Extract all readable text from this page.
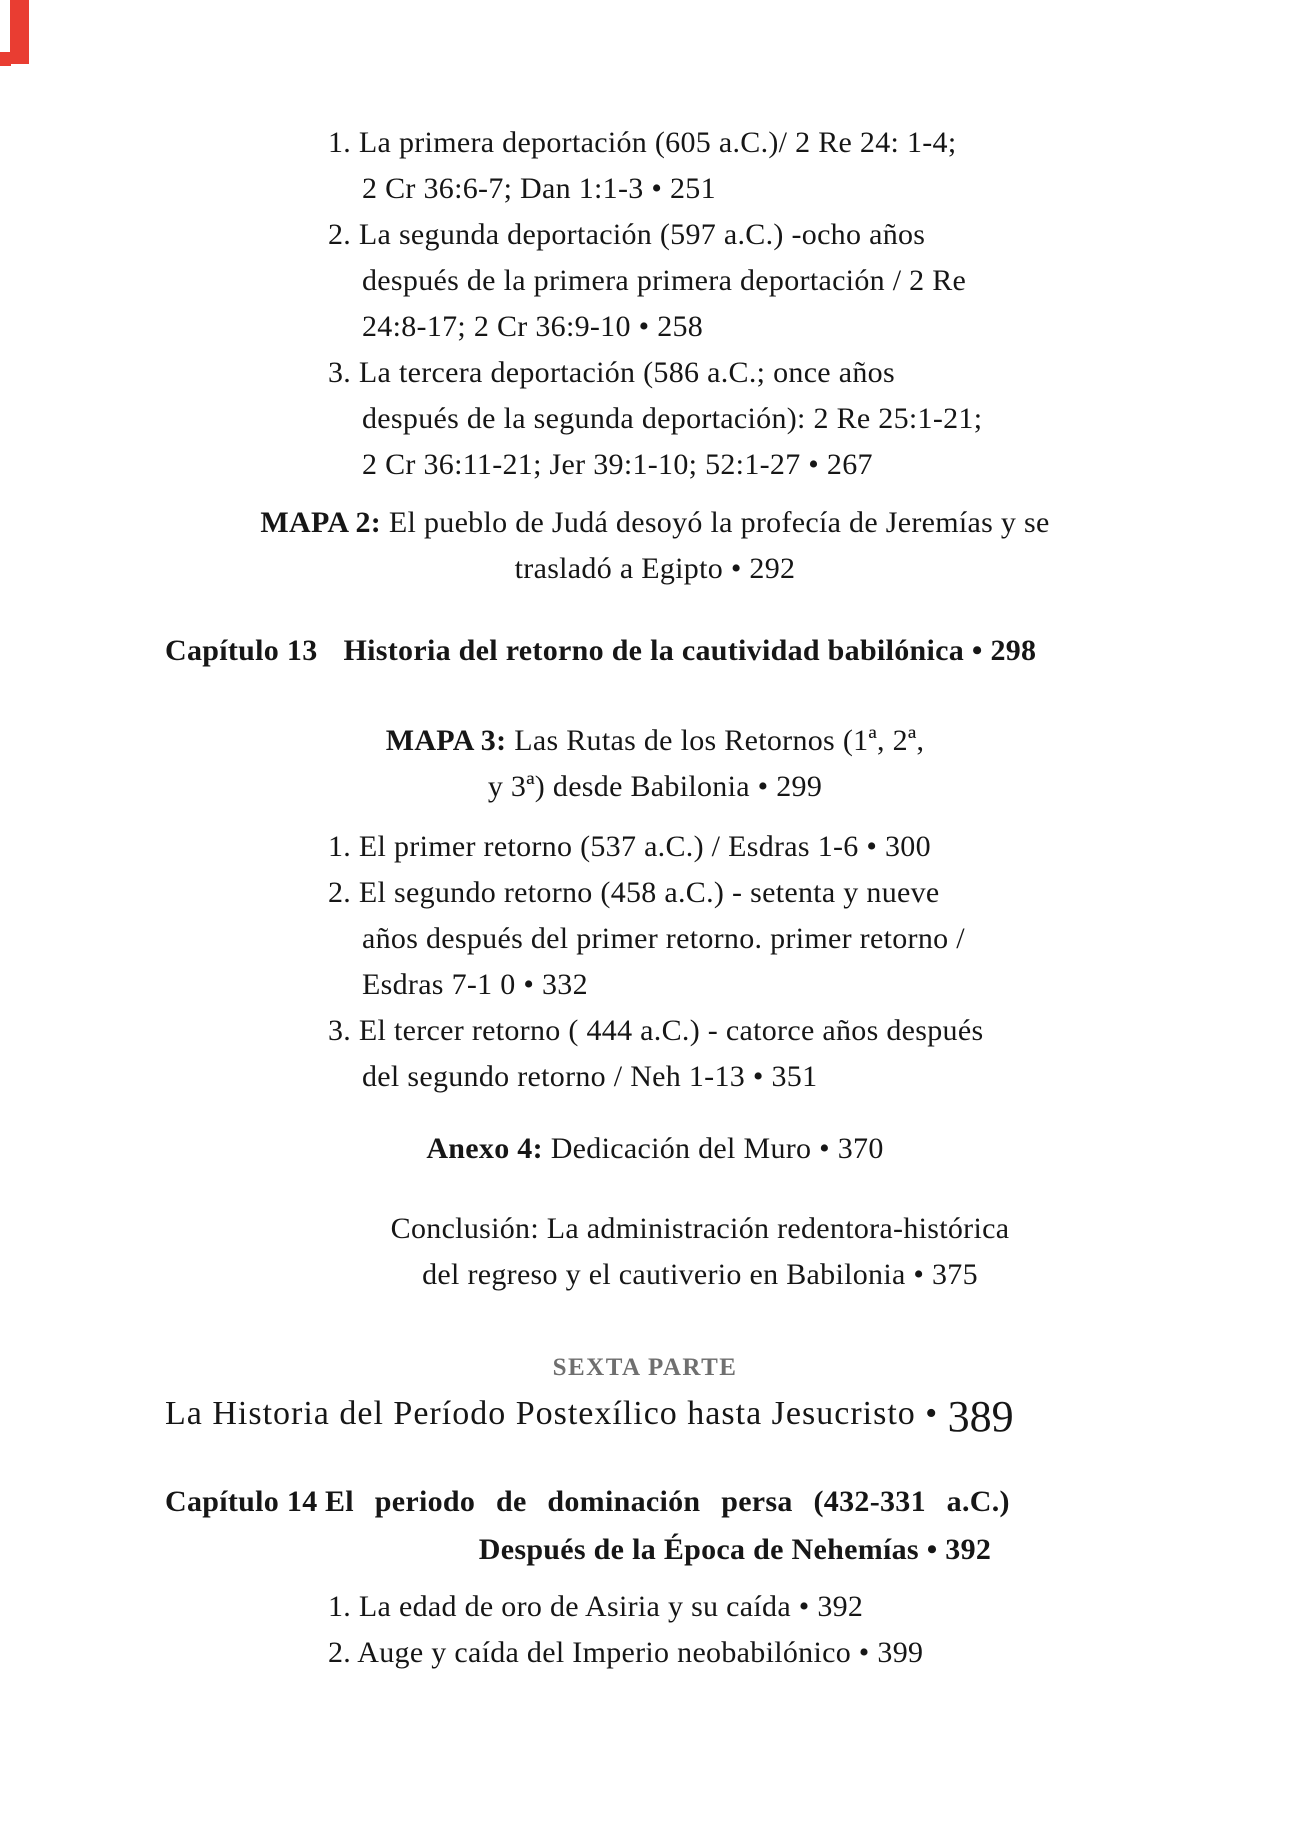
1. La primera deportación (605 a.C.)/ 2 Re 24: 1-4;
2 Cr 36:6-7; Dan 1:1-3 • 251
2. La segunda deportación (597 a.C.) -ocho años
después de la primera primera deportación / 2 Re
24:8-17; 2 Cr 36:9-10 • 258
3. La tercera deportación (586 a.C.; once años
después de la segunda deportación): 2 Re 25:1-21;
2 Cr 36:11-21; Jer 39:1-10; 52:1-27 • 267
MAPA 2: El pueblo de Judá desoyó la profecía de Jeremías y se
trasladó a Egipto • 292
Capítulo 13 Historia del retorno de la cautividad babilónica • 298
MAPA 3: Las Rutas de los Retornos (1ª, 2ª,
y 3ª) desde Babilonia • 299
1. El primer retorno (537 a.C.) / Esdras 1-6 • 300
2. El segundo retorno (458 a.C.) - setenta y nueve
años después del primer retorno. primer retorno /
Esdras 7-1 0 • 332
3. El tercer retorno ( 444 a.C.) - catorce años después
del segundo retorno / Neh 1-13 • 351
Anexo 4: Dedicación del Muro • 370
Conclusión: La administración redentora-histórica
del regreso y el cautiverio en Babilonia • 375
SEXTA PARTE
La Historia del Período Postexílico hasta Jesucristo • 389
Capítulo 14 El periodo de dominación persa (432-331 a.C.)
Después de la Época de Nehemías • 392
1. La edad de oro de Asiria y su caída • 392
2. Auge y caída del Imperio neobabilónico • 399
